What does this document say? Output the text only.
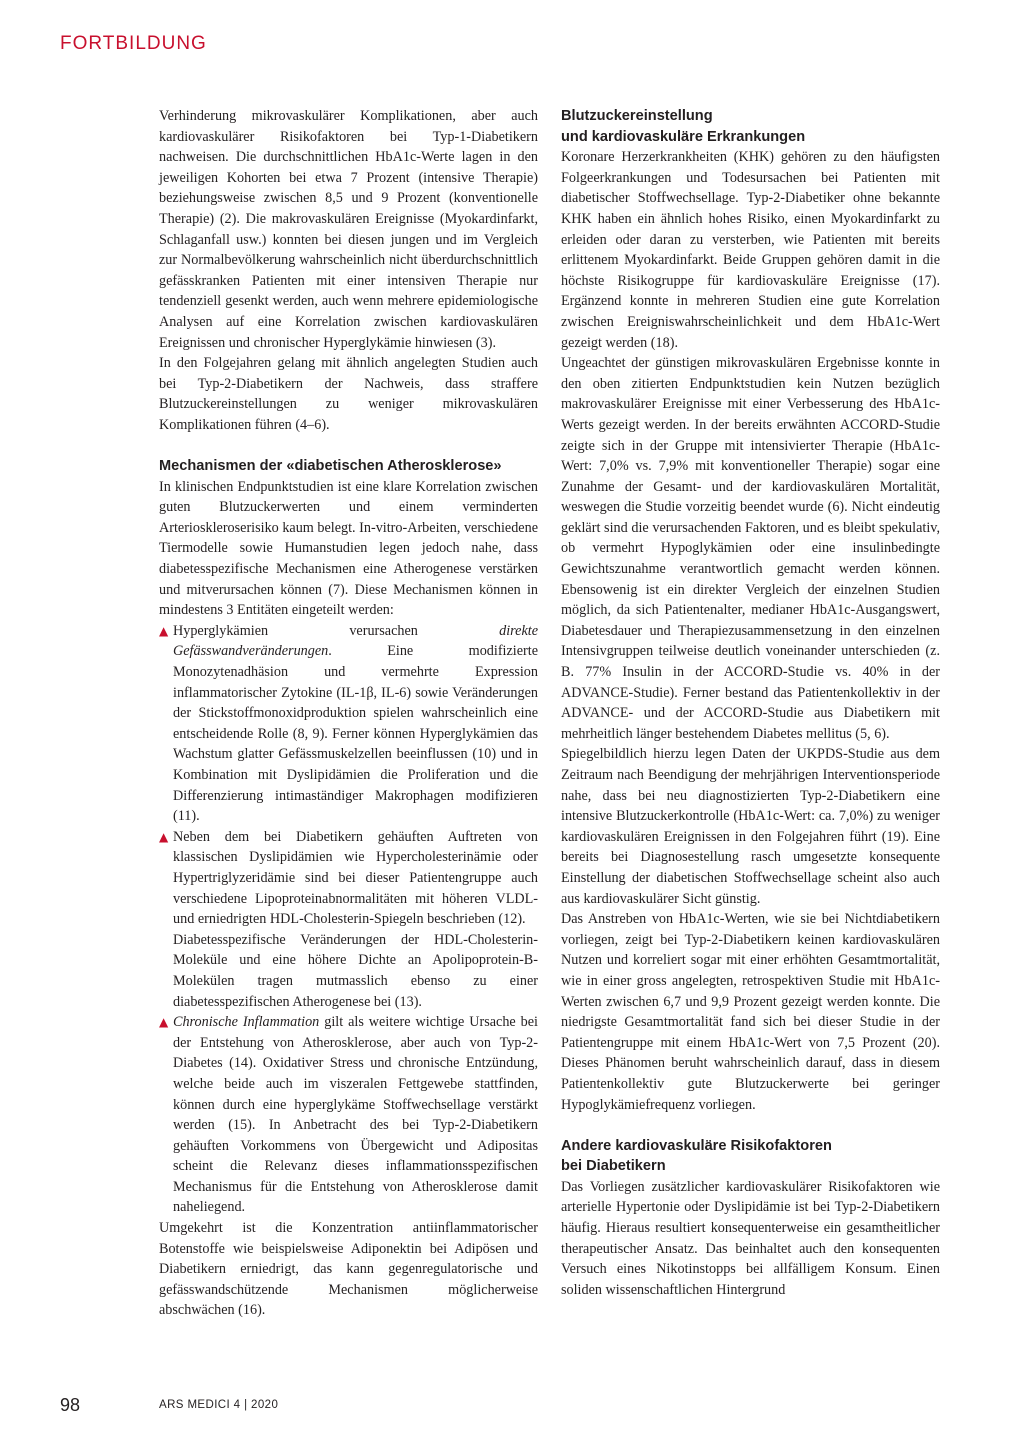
FORTBILDUNG

Verhinderung mikrovaskulärer Komplikationen, aber auch kardiovaskulärer Risikofaktoren bei Typ-1-Diabetikern nachweisen. Die durchschnittlichen HbA1c-Werte lagen in den jeweiligen Kohorten bei etwa 7 Prozent (intensive Therapie) beziehungsweise zwischen 8,5 und 9 Prozent (konventionelle Therapie) (2). Die makrovaskulären Ereignisse (Myokardinfarkt, Schlaganfall usw.) konnten bei diesen jungen und im Vergleich zur Normalbevölkerung wahrscheinlich nicht überdurchschnittlich gefässkranken Patienten mit einer intensiven Therapie nur tendenziell gesenkt werden, auch wenn mehrere epidemiologische Analysen auf eine Korrelation zwischen kardiovaskulären Ereignissen und chronischer Hyperglykämie hinwiesen (3).

In den Folgejahren gelang mit ähnlich angelegten Studien auch bei Typ-2-Diabetikern der Nachweis, dass straffere Blutzuckereinstellungen zu weniger mikrovaskulären Komplikationen führen (4–6).

Mechanismen der «diabetischen Atherosklerose»

In klinischen Endpunktstudien ist eine klare Korrelation zwischen guten Blutzuckerwerten und einem verminderten Arterioskleroserisiko kaum belegt. In-vitro-Arbeiten, verschiedene Tiermodelle sowie Humanstudien legen jedoch nahe, dass diabetesspezifische Mechanismen eine Atherogenese verstärken und mitverursachen können (7). Diese Mechanismen können in mindestens 3 Entitäten eingeteilt werden:

▲ Hyperglykämien verursachen direkte Gefässwandveränderungen. Eine modifizierte Monozytenadhäsion und vermehrte Expression inflammatorischer Zytokine (IL-1β, IL-6) sowie Veränderungen der Stickstoffmonoxidproduktion spielen wahrscheinlich eine entscheidende Rolle (8, 9). Ferner können Hyperglykämien das Wachstum glatter Gefässmuskelzellen beeinflussen (10) und in Kombination mit Dyslipidämien die Proliferation und die Differenzierung intimaständiger Makrophagen modifizieren (11).

▲ Neben dem bei Diabetikern gehäuften Auftreten von klassischen Dyslipidämien wie Hypercholesterinämie oder Hypertriglyzeridämie sind bei dieser Patientengruppe auch verschiedene Lipoproteinabnormalitäten mit höheren VLDL- und erniedrigten HDL-Cholesterin-Spiegeln beschrieben (12).

Diabetesspezifische Veränderungen der HDL-Cholesterin-Moleküle und eine höhere Dichte an Apolipoprotein-B-Molekülen tragen mutmasslich ebenso zu einer diabetesspezifischen Atherogenese bei (13).

▲ Chronische Inflammation gilt als weitere wichtige Ursache bei der Entstehung von Atherosklerose, aber auch von Typ-2-Diabetes (14). Oxidativer Stress und chronische Entzündung, welche beide auch im viszeralen Fettgewebe stattfinden, können durch eine hyperglykäme Stoffwechsellage verstärkt werden (15). In Anbetracht des bei Typ-2-Diabetikern gehäuften Vorkommens von Übergewicht und Adipositas scheint die Relevanz dieses inflammationsspezifischen Mechanismus für die Entstehung von Atherosklerose damit naheliegend.

Umgekehrt ist die Konzentration antiinflammatorischer Botenstoffe wie beispielsweise Adiponektin bei Adipösen und Diabetikern erniedrigt, das kann gegenregulatorische und gefässwandschützende Mechanismen möglicherweise abschwächen (16).

Blutzuckereinstellung
und kardiovaskuläre Erkrankungen

Koronare Herzerkrankheiten (KHK) gehören zu den häufigsten Folgeerkrankungen und Todesursachen bei Patienten mit diabetischer Stoffwechsellage. Typ-2-Diabetiker ohne bekannte KHK haben ein ähnlich hohes Risiko, einen Myokardinfarkt zu erleiden oder daran zu versterben, wie Patienten mit bereits erlittenem Myokardinfarkt. Beide Gruppen gehören damit in die höchste Risikogruppe für kardiovaskuläre Ereignisse (17). Ergänzend konnte in mehreren Studien eine gute Korrelation zwischen Ereigniswahrscheinlichkeit und dem HbA1c-Wert gezeigt werden (18).

Ungeachtet der günstigen mikrovaskulären Ergebnisse konnte in den oben zitierten Endpunktstudien kein Nutzen bezüglich makrovaskulärer Ereignisse mit einer Verbesserung des HbA1c-Werts gezeigt werden. In der bereits erwähnten ACCORD-Studie zeigte sich in der Gruppe mit intensivierter Therapie (HbA1c-Wert: 7,0% vs. 7,9% mit konventioneller Therapie) sogar eine Zunahme der Gesamt- und der kardiovaskulären Mortalität, weswegen die Studie vorzeitig beendet wurde (6). Nicht eindeutig geklärt sind die verursachenden Faktoren, und es bleibt spekulativ, ob vermehrt Hypoglykämien oder eine insulinbedingte Gewichtszunahme verantwortlich gemacht werden können. Ebensowenig ist ein direkter Vergleich der einzelnen Studien möglich, da sich Patientenalter, medianer HbA1c-Ausgangswert, Diabetesdauer und Therapiezusammensetzung in den einzelnen Intensivgruppen teilweise deutlich voneinander unterschieden (z. B. 77% Insulin in der ACCORD-Studie vs. 40% in der ADVANCE-Studie). Ferner bestand das Patientenkollektiv in der ADVANCE- und der ACCORD-Studie aus Diabetikern mit mehrheitlich länger bestehendem Diabetes mellitus (5, 6).

Spiegelbildlich hierzu legen Daten der UKPDS-Studie aus dem Zeitraum nach Beendigung der mehrjährigen Interventionsperiode nahe, dass bei neu diagnostizierten Typ-2-Diabetikern eine intensive Blutzuckerkontrolle (HbA1c-Wert: ca. 7,0%) zu weniger kardiovaskulären Ereignissen in den Folgejahren führt (19). Eine bereits bei Diagnosestellung rasch umgesetzte konsequente Einstellung der diabetischen Stoffwechsellage scheint also auch aus kardiovaskulärer Sicht günstig.

Das Anstreben von HbA1c-Werten, wie sie bei Nichtdiabetikern vorliegen, zeigt bei Typ-2-Diabetikern keinen kardiovaskulären Nutzen und korreliert sogar mit einer erhöhten Gesamtmortalität, wie in einer gross angelegten, retrospektiven Studie mit HbA1c-Werten zwischen 6,7 und 9,9 Prozent gezeigt werden konnte. Die niedrigste Gesamtmortalität fand sich bei dieser Studie in der Patientengruppe mit einem HbA1c-Wert von 7,5 Prozent (20). Dieses Phänomen beruht wahrscheinlich darauf, dass in diesem Patientenkollektiv gute Blutzuckerwerte bei geringer Hypoglykämiefrequenz vorliegen.

Andere kardiovaskuläre Risikofaktoren
bei Diabetikern

Das Vorliegen zusätzlicher kardiovaskulärer Risikofaktoren wie arterielle Hypertonie oder Dyslipidämie ist bei Typ-2-Diabetikern häufig. Hieraus resultiert konsequenterweise ein gesamtheitlicher therapeutischer Ansatz. Das beinhaltet auch den konsequenten Versuch eines Nikotinstopps bei allfälligem Konsum. Einen soliden wissenschaftlichen Hintergrund

98	ARS MEDICI 4 | 2020
